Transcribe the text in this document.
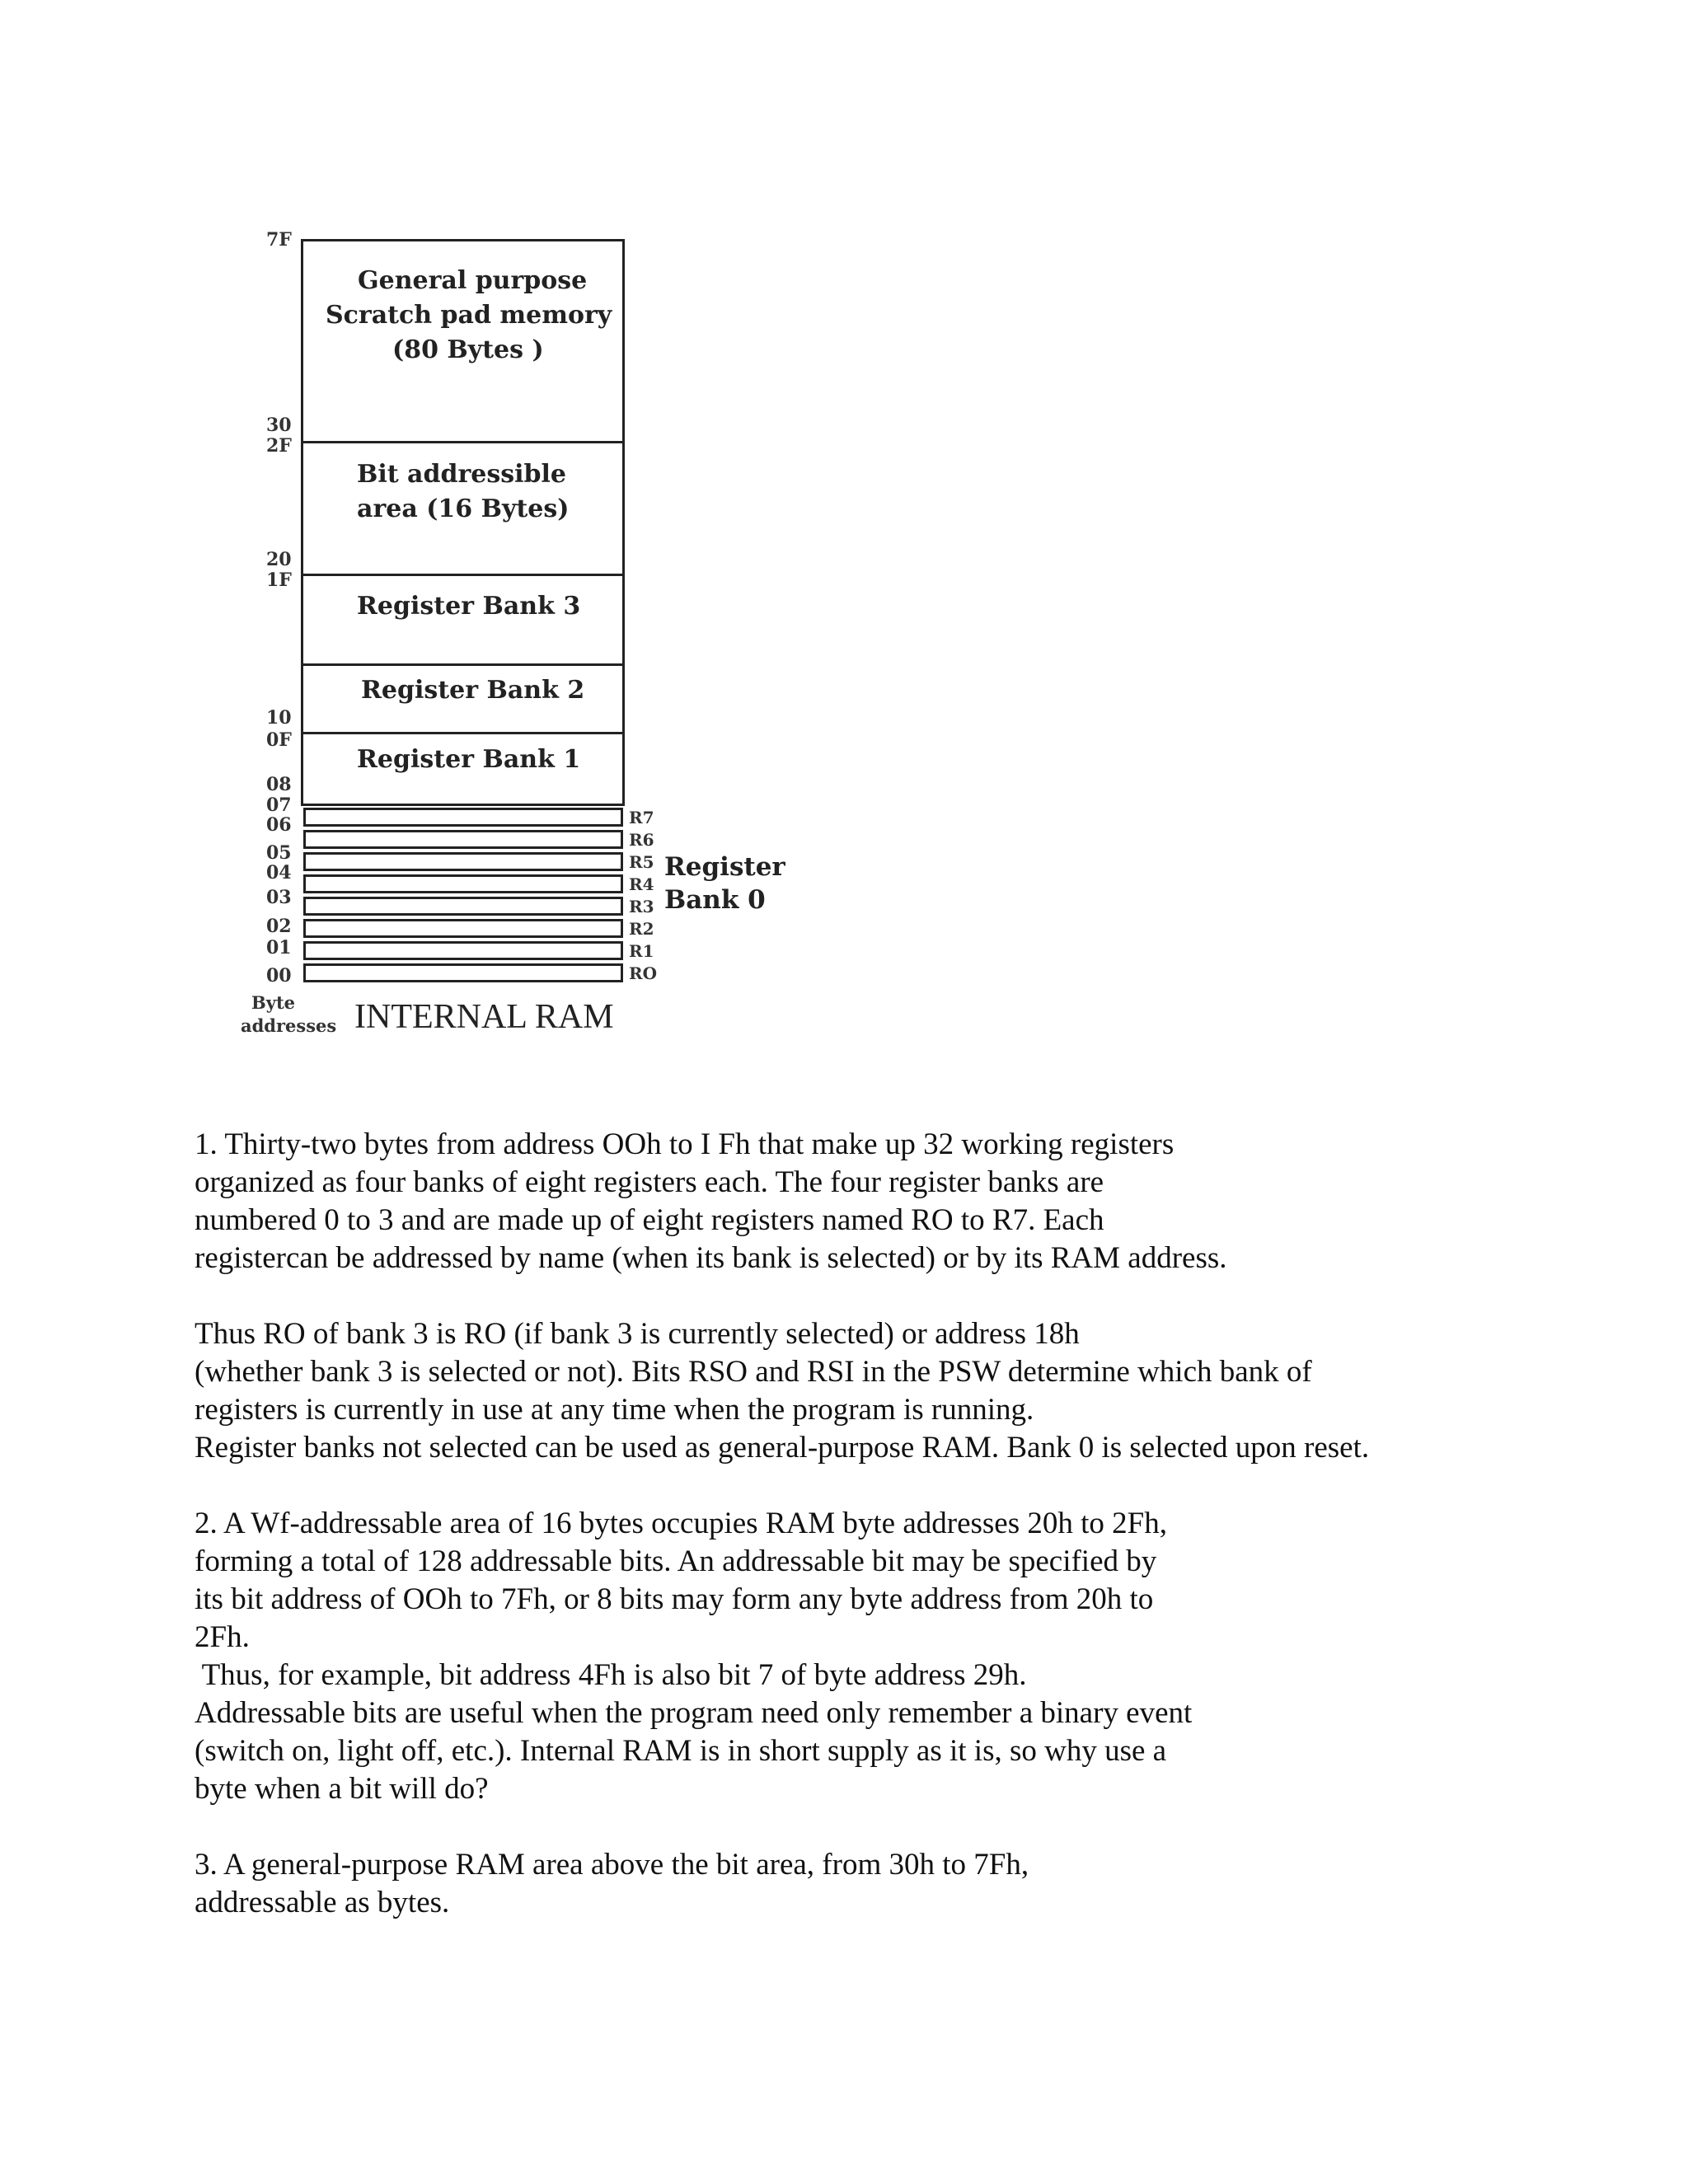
7F
30
2F
20
1F
10
0F
08
07
06
05
04
03
02
01
00
General purpose
Scratch pad memory
(80 Bytes )
Bit addressible
area (16 Bytes)
Register Bank 3
Register Bank 2
Register Bank 1
R7
R6
R5
R4
R3
R2
R1
RO
Register
Bank 0
Byte
addresses INTERNAL RAM
1. Thirty-two bytes from address OOh to I Fh that make up 32 working registers
organized as four banks of eight registers each. The four register banks are
numbered 0 to 3 and are made up of eight registers named RO to R7. Each
registercan be addressed by name (when its bank is selected) or by its RAM address.
Thus RO of bank 3 is RO (if bank 3 is currently selected) or address 18h
(whether bank 3 is selected or not). Bits RSO and RSI in the PSW determine which bank of
registers is currently in use at any time when the program is running.
Register banks not selected can be used as general-purpose RAM. Bank 0 is selected upon reset.
2. A Wf-addressable area of 16 bytes occupies RAM byte addresses 20h to 2Fh,
forming a total of 128 addressable bits. An addressable bit may be specified by
its bit address of OOh to 7Fh, or 8 bits may form any byte address from 20h to
2Fh.
Thus, for example, bit address 4Fh is also bit 7 of byte address 29h.
Addressable bits are useful when the program need only remember a binary event
(switch on, light off, etc.). Internal RAM is in short supply as it is, so why use a
byte when a bit will do?
3. A general-purpose RAM area above the bit area, from 30h to 7Fh,
addressable as bytes.
